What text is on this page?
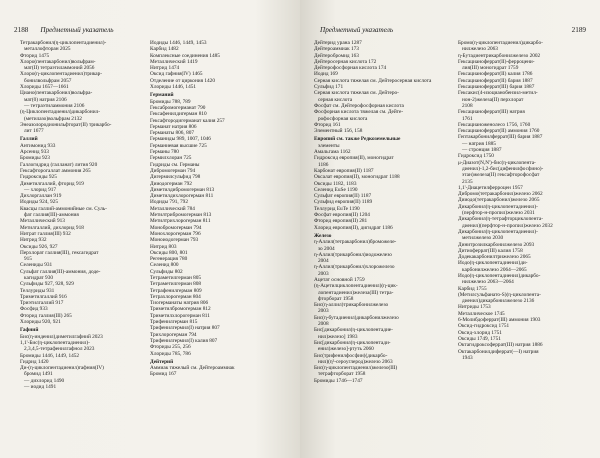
2188 Предметный указатель
Тетракарбонил(η-циклопентадиенил)-
металлофторан 2025
Фторид 1475
Хлоро(пентакарбонил)вольфрам-
мат(II) тетраэтиламмоний 2056
Хлоро(η-циклопентадиенил)трикар-
бонилвольфрам 2057
Хлориды 1657—1661
Циано(пентакарбонил)вольфра-
мат(0) натрия 2106
— тетраэтиламмония 2106
(η-Циклопентадиенил)дикарбонил-
(метилазо)вольфрам 2132
Энеазолородионильфторат(II) трикарбо-
лит 1677
Галлий
Антимонид 933
Арсенид 933
Бромиды 923
Галлогидрид (галланат) лития 920
Гексафторогаллат аммония 265
Гидроксиды 925
Диметилгаллий, фторид 919
— хлорид 917
Дихлоргаллан 919
Иодиды 924, 925
Квасцы галлий-аммонийные см. Суль-
фат галлия(III)-аммония
Металлический 913
Метилгаллий, дихлорид 918
Нитрат галлия(III) 932
Нитрид 932
Оксиды 926, 927
Перхлорат галлия(III), гексагидрат
915
Селениды 931
Сульфат галлия(III)-аммония, доде-
кагидрат 930
Сульфиды 927, 928, 929
Теллуриды 931
Триметилгаллий 916
Триэтилгаллий 917
Фосфид 933
Фторид галлия(III) 265
Хлориды 920, 921
Гафний
Бис(η-инденил)диметилгафний 2023
1,1'-Бис(η-циклопентадиенил)-
2,3,4,5-тетрафенилгафнол 2023
Бромиды 1446, 1449, 1452
Гидрид 1420
Ди-(η-циклопентадиенил)гафния(IV)
бромид 1491
— дихлорид 1490
— иодид 1491
Иодиды 1446, 1449, 1453
Карбид 1482
Комплексные соединения 1485
Металлический 1419
Нитрид 1474
Оксид гафния(IV) 1465
Отделение от циркония 1420
Хлориды 1446, 1451
Германий
Бромиды 788, 789
Гексабромогерманат 790
Гексафенилдигерман 810
Гексафтородигерманат калия 257
Германат натрия 806
Германаты 806, 807
Германиды 989, 1007, 1046
Германиевая высшие 725
Германы 780
Гермилхлоран 725
Гидриды см. Германы
Дибромогерман 794
Дигермилсульфид 798
Дииодогерман 792
Диметилдибромогерман 813
Диметилдихлорогерман 811
Иодиды 791, 792
Металлический 784
Метилтрибромогерман 813
Метилтрихлорогерман 811
Монобромогерман 794
Монохлорогерман 796
Моноиодогерман 793
Нитрид 803
Оксиды 800, 801
Регенерация 780
Селенид 800
Сульфиды 802
Тетраметилгерман 805
Тетраметилгерман 808
Тетрафенилгерман 809
Тетрахлорогерман 804
Тиогерманаты натрия 806
Триметилбромогерман 812
Триметилхлорогерман 811
Трифенилгерман 815
Трифенилгермил(I) натрия 807
Трихлорогерман 794
Трифенилгермил(I) калия 807
Фториды 255, 256
Хлориды 785, 786
Дейтерий
Аммиак тяжелый см. Дейтероаммиак
Бромид 167
Предметный указатель	2189
Дейтерид урана 1287
Дейтероаммиак 173
Дейтеробромид 163
Дейтеросерная кислота 172
Дейтерофосфорная кислота 174
Иодид 169
Серная кислота тяжелая см. Дейтеросерная кислота
Сульфид 171
Серная кислота тяжелая см. Дейтеро-
серная кислота
Фосфат см. Дейтерофосфорная кислота
Фосфорная кислота тяжелая см. Дейте-
рофосфорная кислота
Фторид 161
Элементный 156, 158
Европий см. также Редкоземельные
элементы
Амальгама 1162
Гидроксид европия(II), моногидрат
1186
Карбонат европия(II) 1187
Оксалат европия(II), моногидрат 1188
Оксиды 1182, 1183
Селенид EuSe 1190
Сульфат европия(II) 1187
Сульфид европия(II) 1189
Теллурид EuTe 1190
Фосфат европия(II) 1204
Фторид европия(II) 281
Хлорид европия(II), дигидрат 1186
Железо
η-Аллил(тетракарбонил)броможеле-
зо 2004
η-Аллил(трикарбонил)иодожелезо
2004
η-Аллил(трикарбонил)хлорожелезо
2003
Ацетат основной 1759
(η-Ацетилциклопентадиенил)(η-цик-
лопентадиенил)железа(III) тетра-
фторборат 1958
Бис(η-аллил)трикарбонилжелезо
2003
Бис(η-бутадиенил)дикарбонилжелезо
2008
Бис[дикарбонил(η-циклопентадие-
нил)железо] 1983
Бис[дикарбонил(η-циклопентади-
енил)железо]-ртуть 2060
Бис(трифенилфосфин)(дикарбо-
нил)(η²-сероуглерод)железо 2063
Бис(η-циклопентадиенил)железо(III)
тетрафторборат 1958
Бромиды 1746—1747
Бромо(η-циклопентадиенил)дикарбо-
нилжелезо 2063
η-Бутадиентрикарбонилжелезо 2002
Гексацианоферрат(II)-ферроцени-
лия(III) моногидрат 1759
Гексацианоферрат(II) калия 1786
Гексацианоферрат(II) бария 1887
Гексацианоферрат(III) бария 1887
Гексакис(4-изоцианобензил-метил-
нон-2)железа(II) перхлорат
2108
Гексацианоферрат(III) натрия
1761
Гексацианоженолесо 1756, 1760
Гексацианоферрат(II) аммония 1760
Гептакарбонилферрат(III) бария 1887
— натрия 1885
— стронция 1887
Гидроксид 1750
μ-Диазот(N,N')-бис(η-циклопента-
диенил)-1,2-бис(дифенилфосфино)-
этан)железа(II) гексафторофосфат
2135
1,1'-Диацетилферроцен 1957
Дибромо(тетракарбонил)железо 2062
Дииодо(тетракарбонил)железо 2065
Дикарбонил(η-циклопентадиенил)-
(перфтор-н-пропил)железо 2031
Дикарбонил(η-тетрафторциклопента-
диенил)(перфтор-н-пропил)железо 2032
Дикарбонил(η-циклопентадиенил)-
метилжелезо 2030
Динитрозилкарбонилжелезо 2093
Дитиоферрат(III) калия 1758
Додекакарбонилтрижелезо 2065
Иодо(η-циклопентадиенил)ди-
карбонилжелезо 2064—2065
Иодо(η-циклопентадиенил)дикарбо-
нилжелезо 2063—2064
Карбид 1755
(Метилсульфанато-S)(η-циклопента-
диенил)дикарбонилжелезо 2136
Нитриды 1753
Металлическое 1745
6-Молибдоферрат(III) аммония 1903
Оксид-гидроксид 1751
Оксид-хлорид 1751
Оксиды 1749, 1751
Октагидроксоферрат(III) натрия 1886
Октакарбонилдиферрат(—I) натрия
1943
